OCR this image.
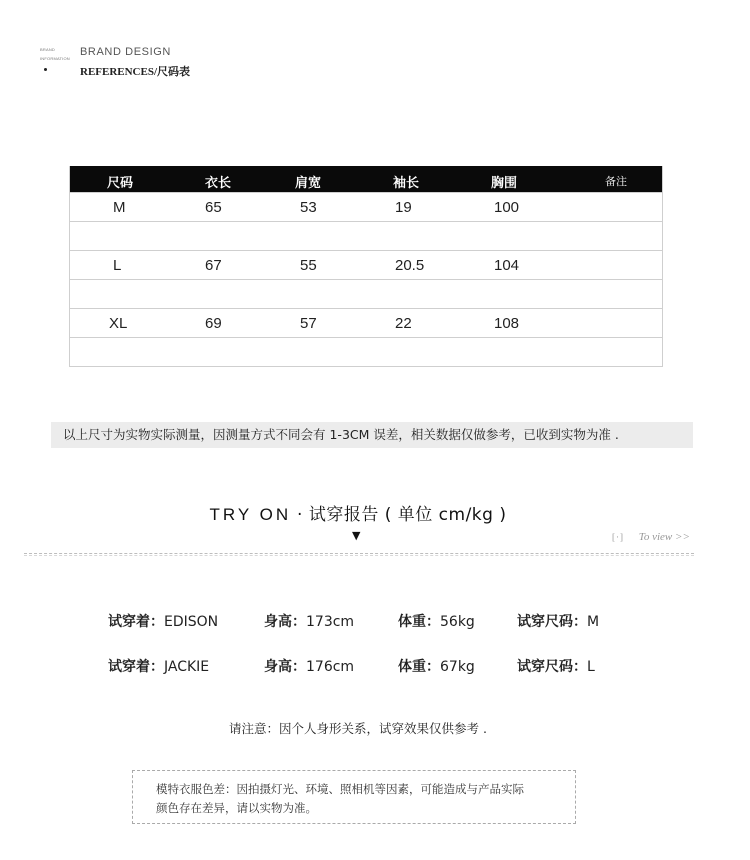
BRAND
INFORMATION
BRAND DESIGN
REFERENCES/尺码表
尺码	衣长	肩宽	袖长	胸围	备注
M	65	53	19	100
L	67	55	20.5	104
XL	69	57	22	108
以上尺寸为实物实际测量，因测量方式不同会有 1-3CM 误差，相关数据仅做参考，已收到实物为准 .
TRY ON · 试穿报告 ( 单位 cm/kg )
▼	[·] To view >>
试穿着：EDISON	身高：173cm	体重：56kg	试穿尺码：M
试穿着：JACKIE	身高：176cm	体重：67kg	试穿尺码：L
请注意：因个人身形关系，试穿效果仅供参考 .
模特衣服色差：因拍摄灯光、环境、照相机等因素，可能造成与产品实际
颜色存在差异，请以实物为准。
